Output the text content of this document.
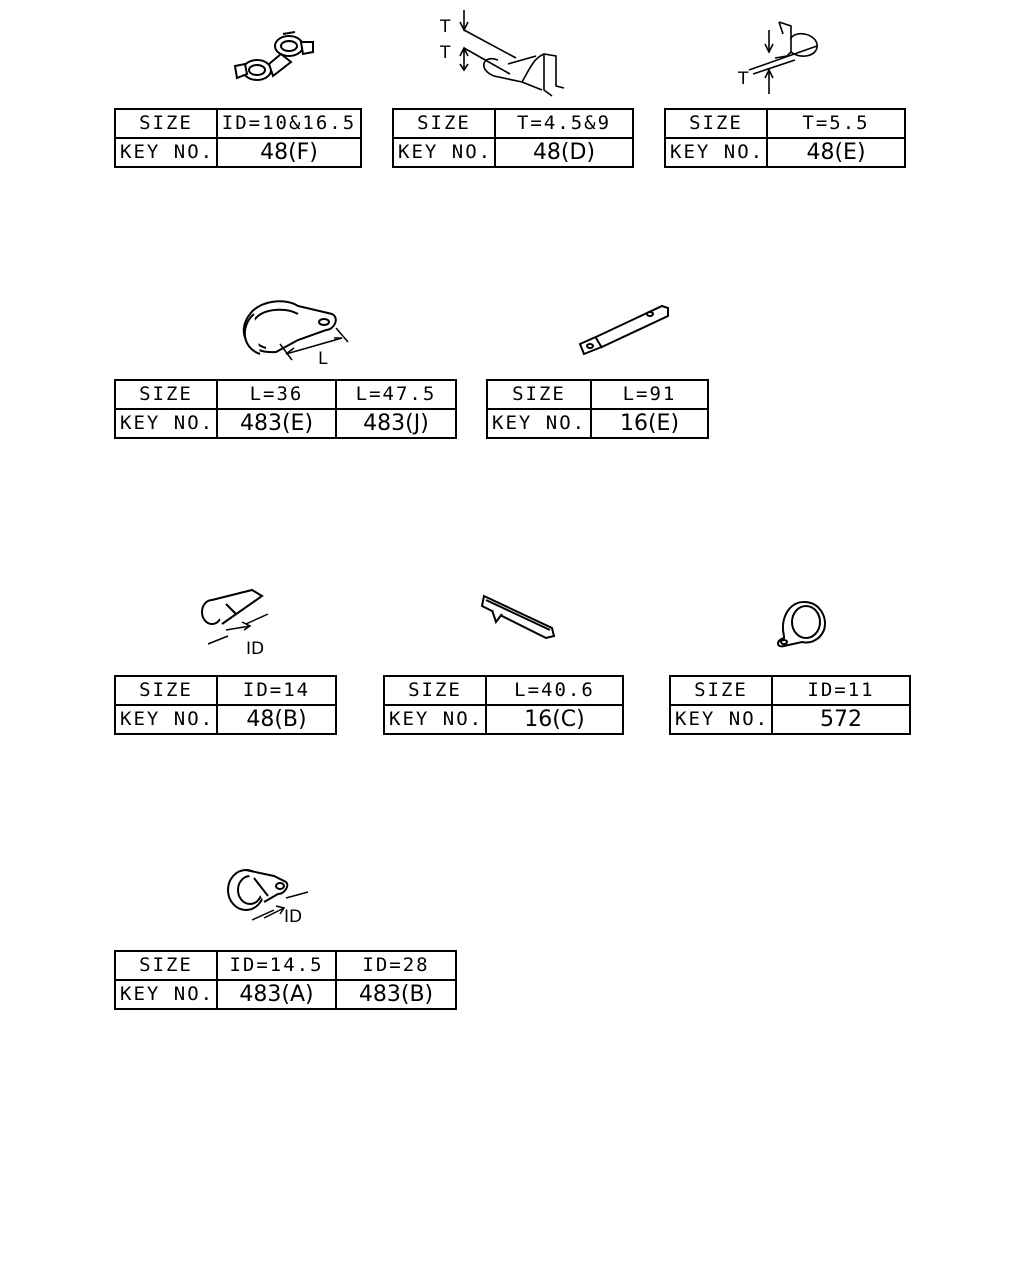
SIZE	ID=10&16.5
KEY NO.	48(F)
T
T
SIZE	T=4.5&9
KEY NO.	48(D)
T
SIZE	T=5.5
KEY NO.	48(E)
L
SIZE	L=36	L=47.5
KEY NO.	483(E)	483(J)
SIZE	L=91
KEY NO.	16(E)
ID
SIZE	ID=14
KEY NO.	48(B)
SIZE	L=40.6
KEY NO.	16(C)
SIZE	ID=11
KEY NO.	572
ID
SIZE	ID=14.5	ID=28
KEY NO.	483(A)	483(B)
